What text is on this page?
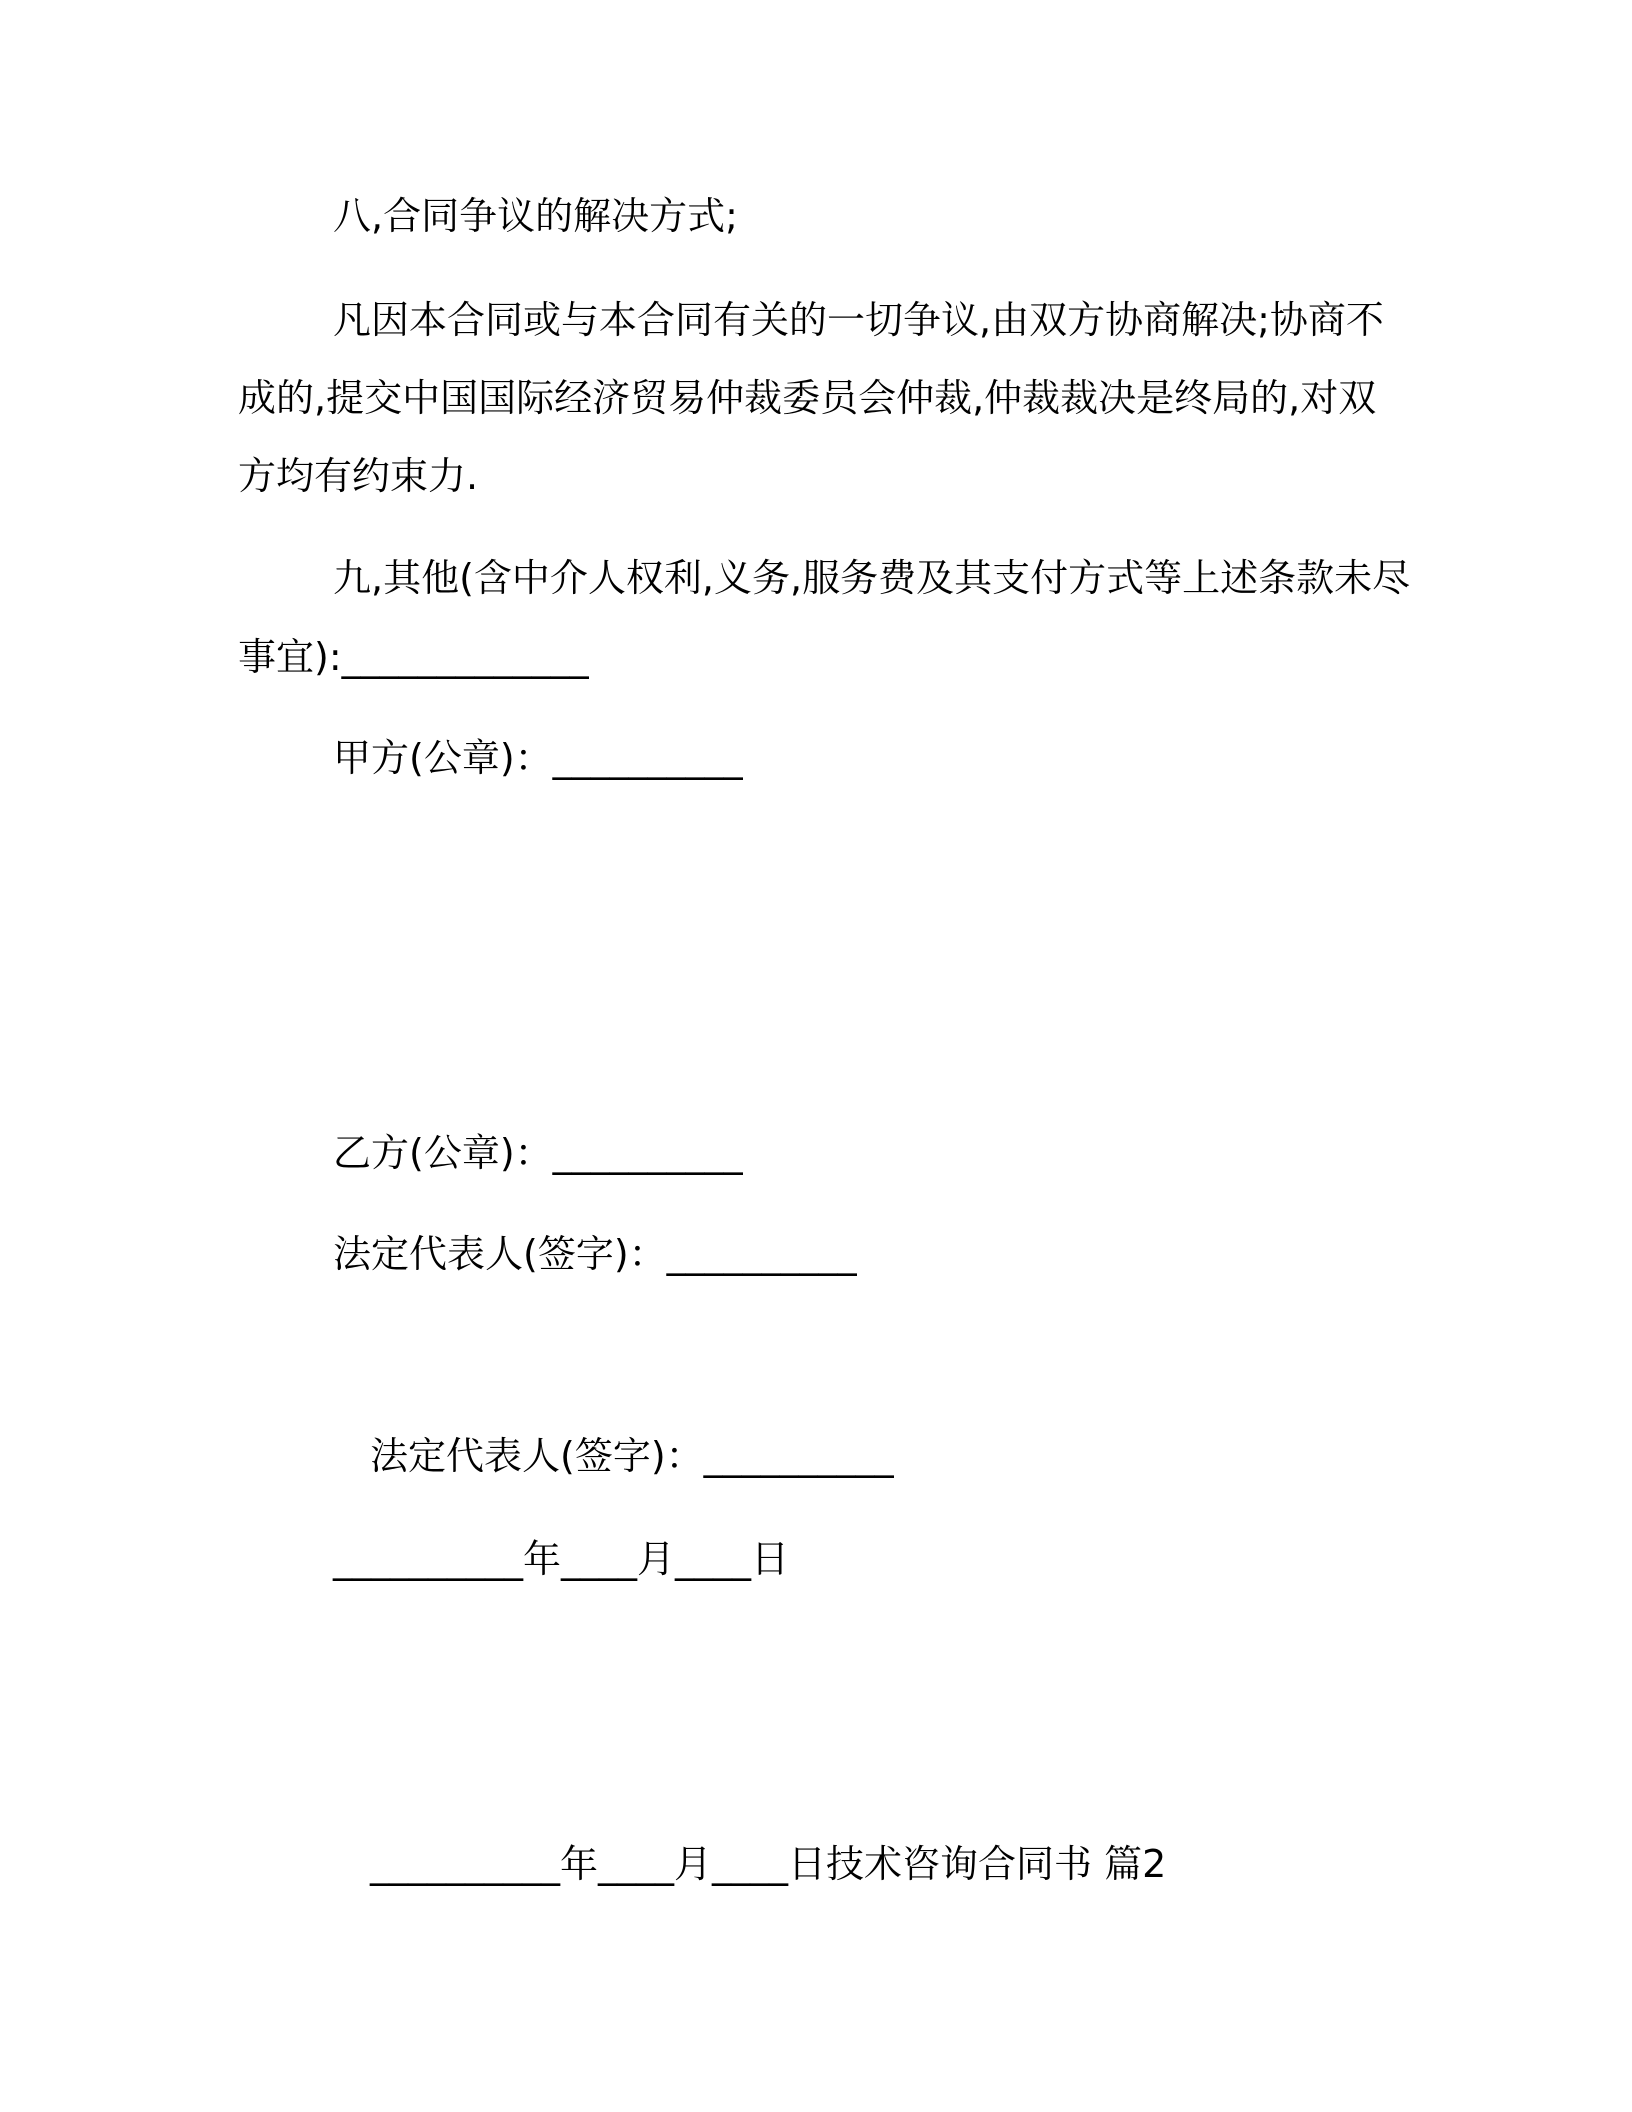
八,合同争议的解决方式;
凡因本合同或与本合同有关的一切争议,由双方协商解决;协商不
成的,提交中国国际经济贸易仲裁委员会仲裁,仲裁裁决是终局的,对双
方均有约束力.
九,其他(含中介人权利,义务,服务费及其支付方式等上述条款未尽
事宜):_____________
甲方(公章)：__________
乙方(公章)：__________
法定代表人(签字)：__________
法定代表人(签字)：__________
__________年____月____日
__________年____月____日技术咨询合同书 篇2
